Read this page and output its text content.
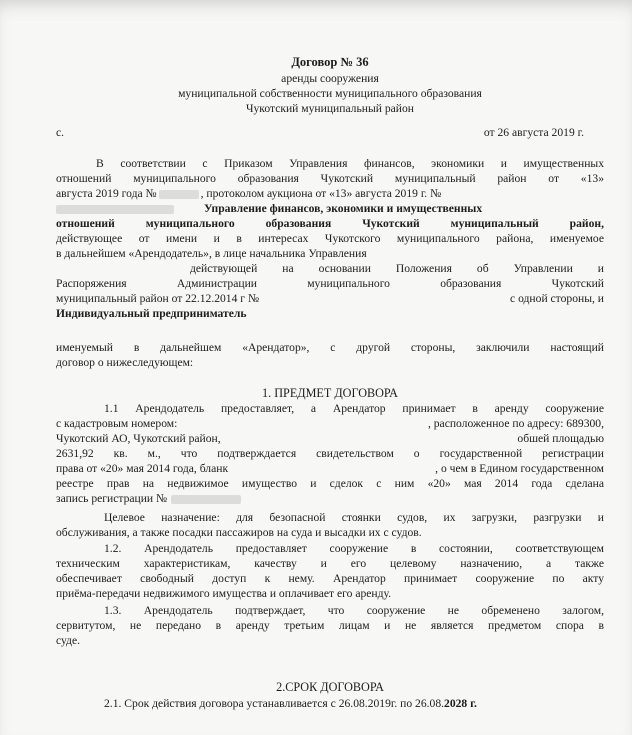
Договор № 36
аренды сооружения
муниципальной собственности муниципального образования
Чукотский муниципальный район
с.	от 26 августа 2019 г.
В соответствии с Приказом Управления финансов, экономики и имущественных
отношений муниципального образования Чукотский муниципальный район от «13»
августа 2019 года №	, протоколом аукциона от «13» августа 2019 г. №
Управление финансов, экономики и имущественных
отношений муниципального образования Чукотский муниципальный район,
действующее от имени и в интересах Чукотского муниципального района, именуемое
в дальнейшем «Арендодатель», в лице начальника Управления
действующей на основании Положения об Управлении и
Распоряжения Администрации муниципального образования Чукотский
муниципальный район от 22.12.2014 г №	с одной стороны, и
Индивидуальный предприниматель
именуемый в дальнейшем «Арендатор», с другой стороны, заключили настоящий
договор о нижеследующем:
1. ПРЕДМЕТ ДОГОВОРА
1.1 Арендодатель предоставляет, а Арендатор принимает в аренду сооружение
с кадастровым номером:	, расположенное по адресу: 689300,
Чукотский АО, Чукотский район,	обшей площадью
2631,92 кв. м., что подтверждается свидетельством о государственной регистрации
права от «20» мая 2014 года, бланк	, о чем в Едином государственном
реестре прав на недвижимое имущество и сделок с ним «20» мая 2014 года сделана
запись регистрации №
Целевое назначение: для безопасной стоянки судов, их загрузки, разгрузки и
обслуживания, а также посадки пассажиров на суда и высадки их с судов.
1.2. Арендодатель предоставляет сооружение в состоянии, соответствующем
техническим характеристикам, качеству и его целевому назначению, а также
обеспечивает свободный доступ к нему. Арендатор принимает сооружение по акту
приёма-передачи недвижимого имущества и оплачивает его аренду.
1.3. Арендодатель подтверждает, что сооружение не обременено залогом,
сервитутом, не передано в аренду третьим лицам и не является предметом спора в
суде.
2.СРОК ДОГОВОРА
2.1. Срок действия договора устанавливается с 26.08.2019г. по 26.08.2028 г.
